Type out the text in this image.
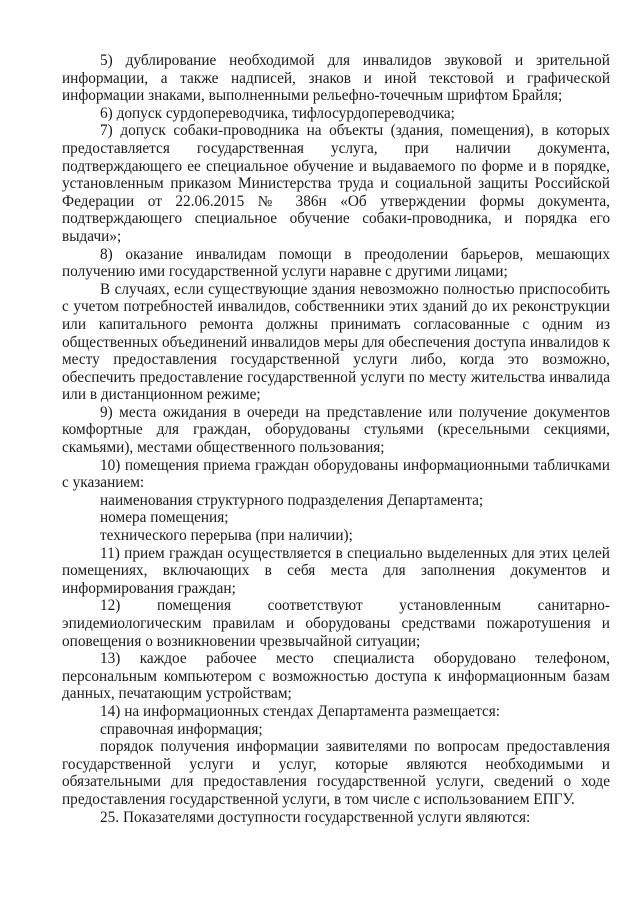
5) дублирование необходимой для инвалидов звуковой и зрительной информации, а также надписей, знаков и иной текстовой и графической информации знаками, выполненными рельефно-точечным шрифтом Брайля;

6) допуск сурдопереводчика, тифлосурдопереводчика;

7) допуск собаки-проводника на объекты (здания, помещения), в которых предоставляется государственная услуга, при наличии документа, подтверждающего ее специальное обучение и выдаваемого по форме и в порядке, установленным приказом Министерства труда и социальной защиты Российской Федерации от 22.06.2015 № 386н «Об утверждении формы документа, подтверждающего специальное обучение собаки-проводника, и порядка его выдачи»;

8) оказание инвалидам помощи в преодолении барьеров, мешающих получению ими государственной услуги наравне с другими лицами;

В случаях, если существующие здания невозможно полностью приспособить с учетом потребностей инвалидов, собственники этих зданий до их реконструкции или капитального ремонта должны принимать согласованные с одним из общественных объединений инвалидов меры для обеспечения доступа инвалидов к месту предоставления государственной услуги либо, когда это возможно, обеспечить предоставление государственной услуги по месту жительства инвалида или в дистанционном режиме;

9) места ожидания в очереди на представление или получение документов комфортные для граждан, оборудованы стульями (кресельными секциями, скамьями), местами общественного пользования;

10) помещения приема граждан оборудованы информационными табличками с указанием:

наименования структурного подразделения Департамента;

номера помещения;

технического перерыва (при наличии);

11) прием граждан осуществляется в специально выделенных для этих целей помещениях, включающих в себя места для заполнения документов и информирования граждан;

12) помещения соответствуют установленным санитарно-эпидемиологическим правилам и оборудованы средствами пожаротушения и оповещения о возникновении чрезвычайной ситуации;

13) каждое рабочее место специалиста оборудовано телефоном, персональным компьютером с возможностью доступа к информационным базам данных, печатающим устройствам;

14) на информационных стендах Департамента размещается:

справочная информация;

порядок получения информации заявителями по вопросам предоставления государственной услуги и услуг, которые являются необходимыми и обязательными для предоставления государственной услуги, сведений о ходе предоставления государственной услуги, в том числе с использованием ЕПГУ.

25. Показателями доступности государственной услуги являются:
